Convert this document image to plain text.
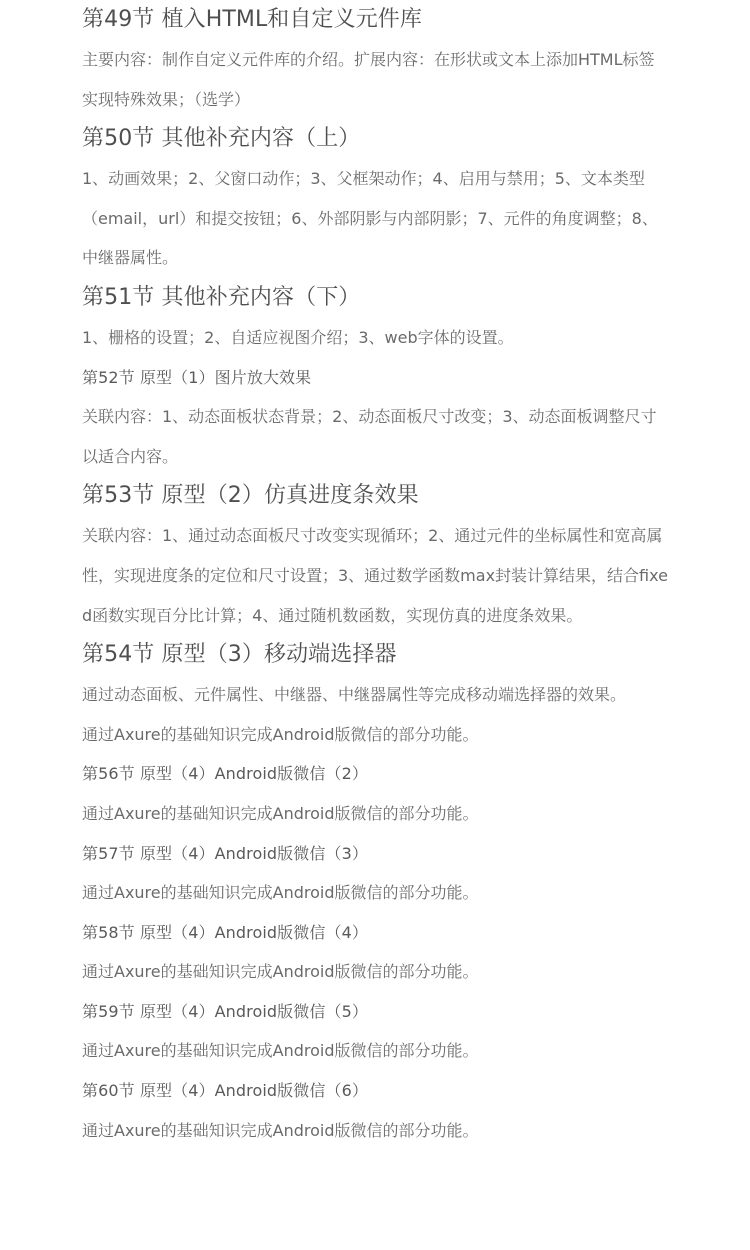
第49节 植入HTML和自定义元件库

主要内容：制作自定义元件库的介绍。扩展内容：在形状或文本上添加HTML标签实现特殊效果；（选学）

第50节 其他补充内容（上）

1、动画效果；2、父窗口动作；3、父框架动作；4、启用与禁用；5、文本类型（email，url）和提交按钮；6、外部阴影与内部阴影；7、元件的角度调整；8、中继器属性。

第51节 其他补充内容（下）

1、栅格的设置；2、自适应视图介绍；3、web字体的设置。

第52节 原型（1）图片放大效果

关联内容：1、动态面板状态背景；2、动态面板尺寸改变；3、动态面板调整尺寸以适合内容。

第53节 原型（2）仿真进度条效果

关联内容：1、通过动态面板尺寸改变实现循环；2、通过元件的坐标属性和宽高属性，实现进度条的定位和尺寸设置；3、通过数学函数max封装计算结果，结合fixed函数实现百分比计算；4、通过随机数函数，实现仿真的进度条效果。

第54节 原型（3）移动端选择器

通过动态面板、元件属性、中继器、中继器属性等完成移动端选择器的效果。

通过Axure的基础知识完成Android版微信的部分功能。

第56节 原型（4）Android版微信（2）

通过Axure的基础知识完成Android版微信的部分功能。

第57节 原型（4）Android版微信（3）

通过Axure的基础知识完成Android版微信的部分功能。

第58节 原型（4）Android版微信（4）

通过Axure的基础知识完成Android版微信的部分功能。

第59节 原型（4）Android版微信（5）

通过Axure的基础知识完成Android版微信的部分功能。

第60节 原型（4）Android版微信（6）

通过Axure的基础知识完成Android版微信的部分功能。
